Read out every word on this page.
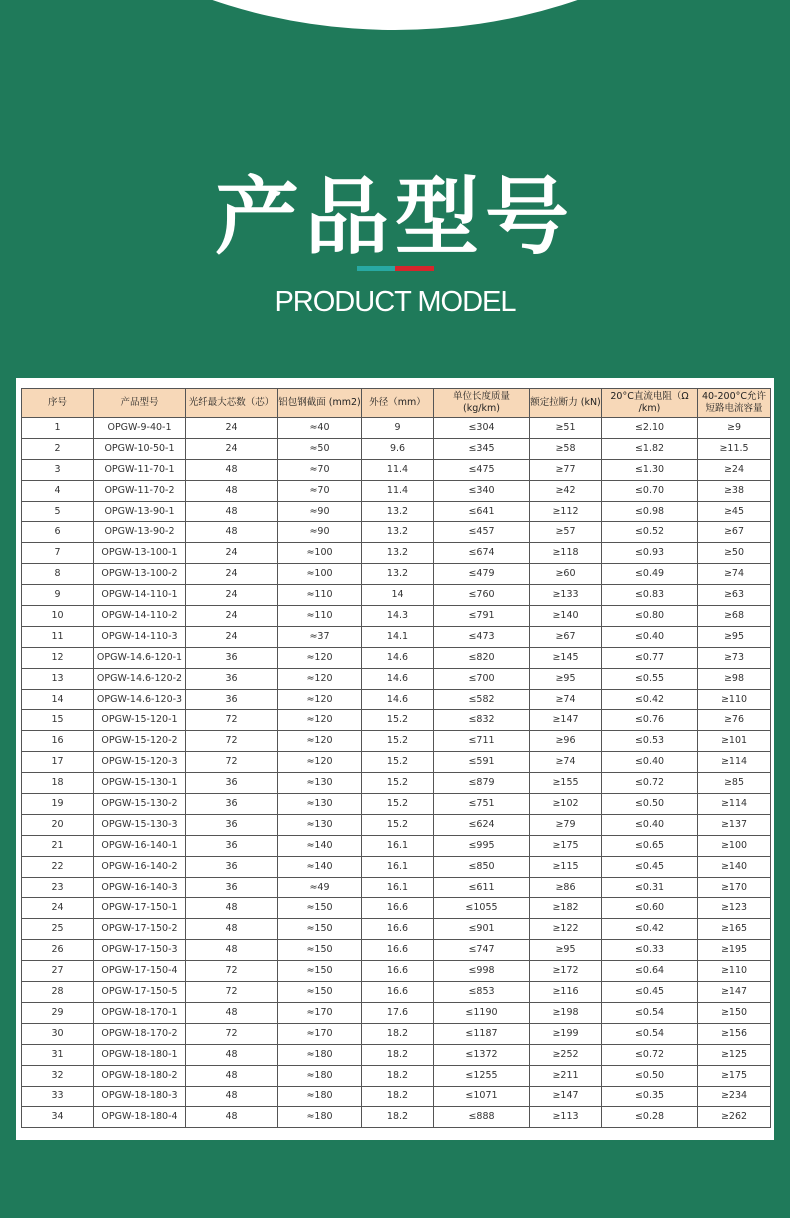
产品型号
PRODUCT MODEL
序号	产品型号	光纤最大芯数（芯）	铝包钢截面 (mm2)	外径（mm）	单位长度质量 (kg/km)	额定拉断力 (kN)	20°C直流电阻（Ω /km)	40-200°C允许 短路电流容量
1	OPGW-9-40-1	24	≈40	9	≤304	≥51	≤2.10	≥9
2	OPGW-10-50-1	24	≈50	9.6	≤345	≥58	≤1.82	≥11.5
3	OPGW-11-70-1	48	≈70	11.4	≤475	≥77	≤1.30	≥24
4	OPGW-11-70-2	48	≈70	11.4	≤340	≥42	≤0.70	≥38
5	OPGW-13-90-1	48	≈90	13.2	≤641	≥112	≤0.98	≥45
6	OPGW-13-90-2	48	≈90	13.2	≤457	≥57	≤0.52	≥67
7	OPGW-13-100-1	24	≈100	13.2	≤674	≥118	≤0.93	≥50
8	OPGW-13-100-2	24	≈100	13.2	≤479	≥60	≤0.49	≥74
9	OPGW-14-110-1	24	≈110	14	≤760	≥133	≤0.83	≥63
10	OPGW-14-110-2	24	≈110	14.3	≤791	≥140	≤0.80	≥68
11	OPGW-14-110-3	24	≈37	14.1	≤473	≥67	≤0.40	≥95
12	OPGW-14.6-120-1	36	≈120	14.6	≤820	≥145	≤0.77	≥73
13	OPGW-14.6-120-2	36	≈120	14.6	≤700	≥95	≤0.55	≥98
14	OPGW-14.6-120-3	36	≈120	14.6	≤582	≥74	≤0.42	≥110
15	OPGW-15-120-1	72	≈120	15.2	≤832	≥147	≤0.76	≥76
16	OPGW-15-120-2	72	≈120	15.2	≤711	≥96	≤0.53	≥101
17	OPGW-15-120-3	72	≈120	15.2	≤591	≥74	≤0.40	≥114
18	OPGW-15-130-1	36	≈130	15.2	≤879	≥155	≤0.72	≥85
19	OPGW-15-130-2	36	≈130	15.2	≤751	≥102	≤0.50	≥114
20	OPGW-15-130-3	36	≈130	15.2	≤624	≥79	≤0.40	≥137
21	OPGW-16-140-1	36	≈140	16.1	≤995	≥175	≤0.65	≥100
22	OPGW-16-140-2	36	≈140	16.1	≤850	≥115	≤0.45	≥140
23	OPGW-16-140-3	36	≈49	16.1	≤611	≥86	≤0.31	≥170
24	OPGW-17-150-1	48	≈150	16.6	≤1055	≥182	≤0.60	≥123
25	OPGW-17-150-2	48	≈150	16.6	≤901	≥122	≤0.42	≥165
26	OPGW-17-150-3	48	≈150	16.6	≤747	≥95	≤0.33	≥195
27	OPGW-17-150-4	72	≈150	16.6	≤998	≥172	≤0.64	≥110
28	OPGW-17-150-5	72	≈150	16.6	≤853	≥116	≤0.45	≥147
29	OPGW-18-170-1	48	≈170	17.6	≤1190	≥198	≤0.54	≥150
30	OPGW-18-170-2	72	≈170	18.2	≤1187	≥199	≤0.54	≥156
31	OPGW-18-180-1	48	≈180	18.2	≤1372	≥252	≤0.72	≥125
32	OPGW-18-180-2	48	≈180	18.2	≤1255	≥211	≤0.50	≥175
33	OPGW-18-180-3	48	≈180	18.2	≤1071	≥147	≤0.35	≥234
34	OPGW-18-180-4	48	≈180	18.2	≤888	≥113	≤0.28	≥262
